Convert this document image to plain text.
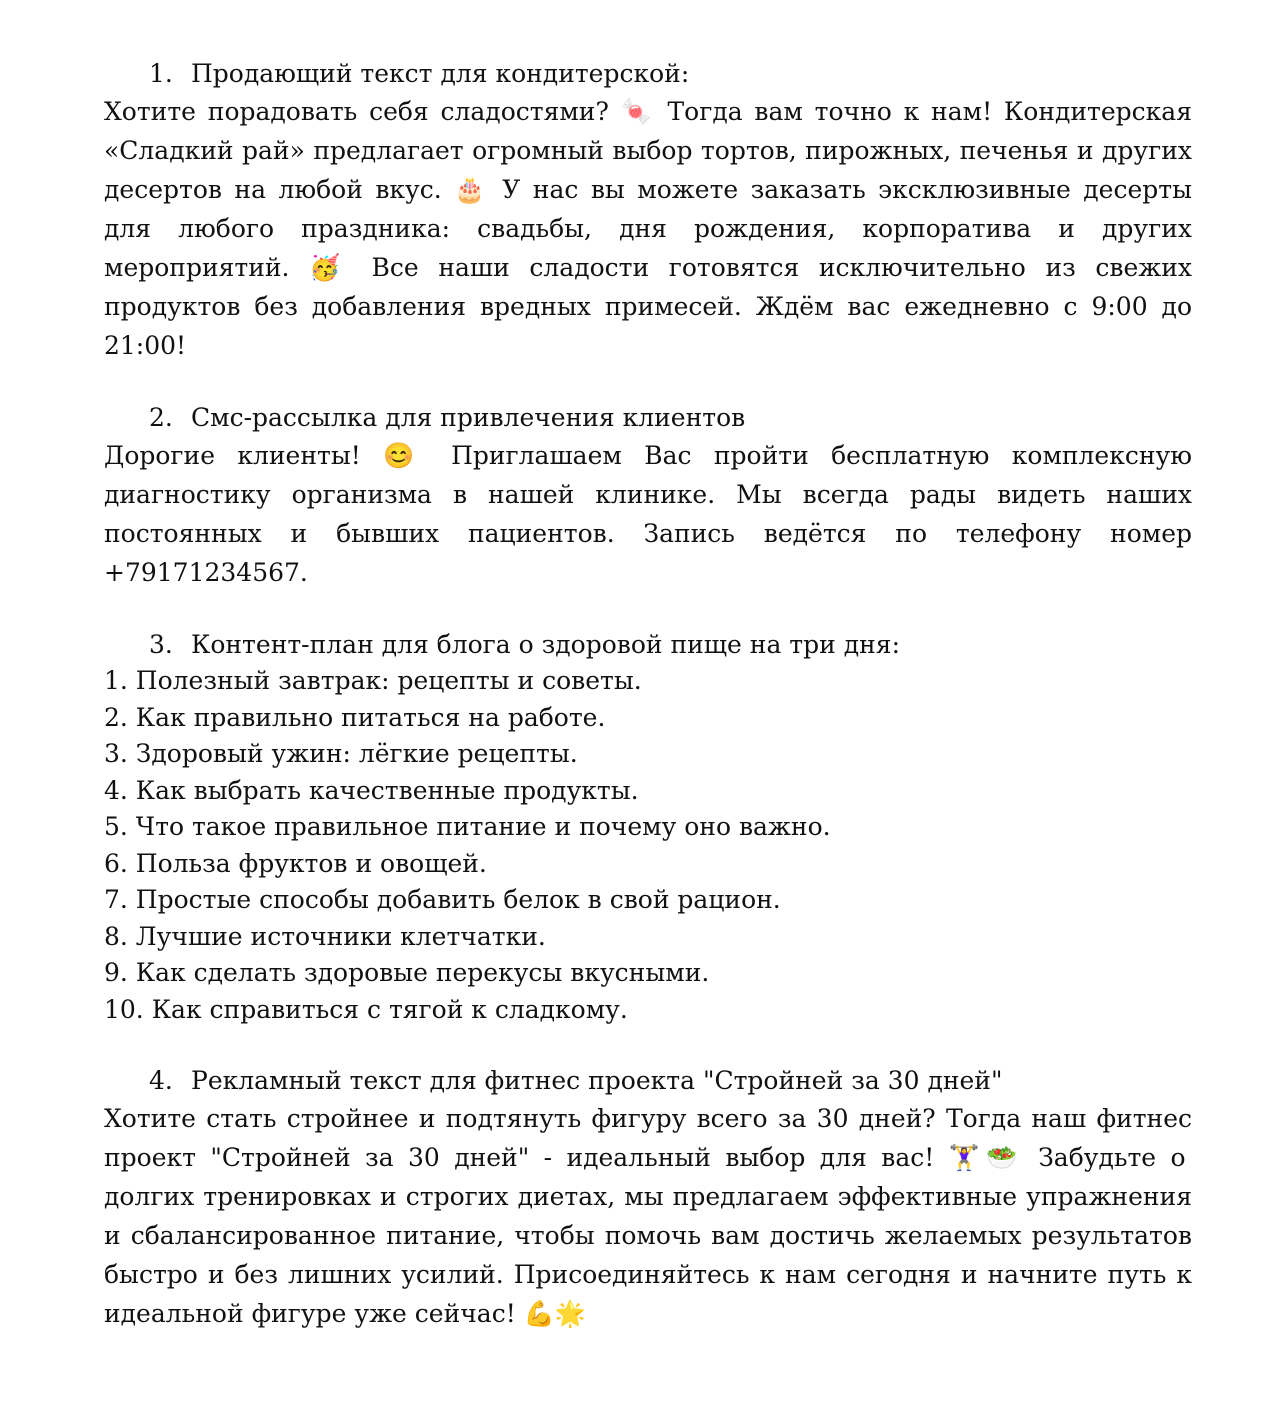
1. Продающий текст для кондитерской:

Хотите порадовать себя сладостями? 🍬 Тогда вам точно к нам! Кондитерская «Сладкий рай» предлагает огромный выбор тортов, пирожных, печенья и других десертов на любой вкус. 🎂 У нас вы можете заказать эксклюзивные десерты для любого праздника: свадьбы, дня рождения, корпоратива и других мероприятий. 🥳 Все наши сладости готовятся исключительно из свежих продуктов без добавления вредных примесей. Ждём вас ежедневно с 9:00 до 21:00!

2. Смс-рассылка для привлечения клиентов

Дорогие клиенты! 😊 Приглашаем Вас пройти бесплатную комплексную диагностику организма в нашей клинике. Мы всегда рады видеть наших постоянных и бывших пациентов. Запись ведётся по телефону номер +79171234567.

3. Контент-план для блога о здоровой пище на три дня:
1. Полезный завтрак: рецепты и советы.
2. Как правильно питаться на работе.
3. Здоровый ужин: лёгкие рецепты.
4. Как выбрать качественные продукты.
5. Что такое правильное питание и почему оно важно.
6. Польза фруктов и овощей.
7. Простые способы добавить белок в свой рацион.
8. Лучшие источники клетчатки.
9. Как сделать здоровые перекусы вкусными.
10. Как справиться с тягой к сладкому.
4. Рекламный текст для фитнес проекта "Стройней за 30 дней"

Хотите стать стройнее и подтянуть фигуру всего за 30 дней? Тогда наш фитнес проект "Стройней за 30 дней" - идеальный выбор для вас! 🏋️‍♀️🥗 Забудьте о долгих тренировках и строгих диетах, мы предлагаем эффективные упражнения и сбалансированное питание, чтобы помочь вам достичь желаемых результатов быстро и без лишних усилий. Присоединяйтесь к нам сегодня и начните путь к идеальной фигуре уже сейчас! 💪🌟
